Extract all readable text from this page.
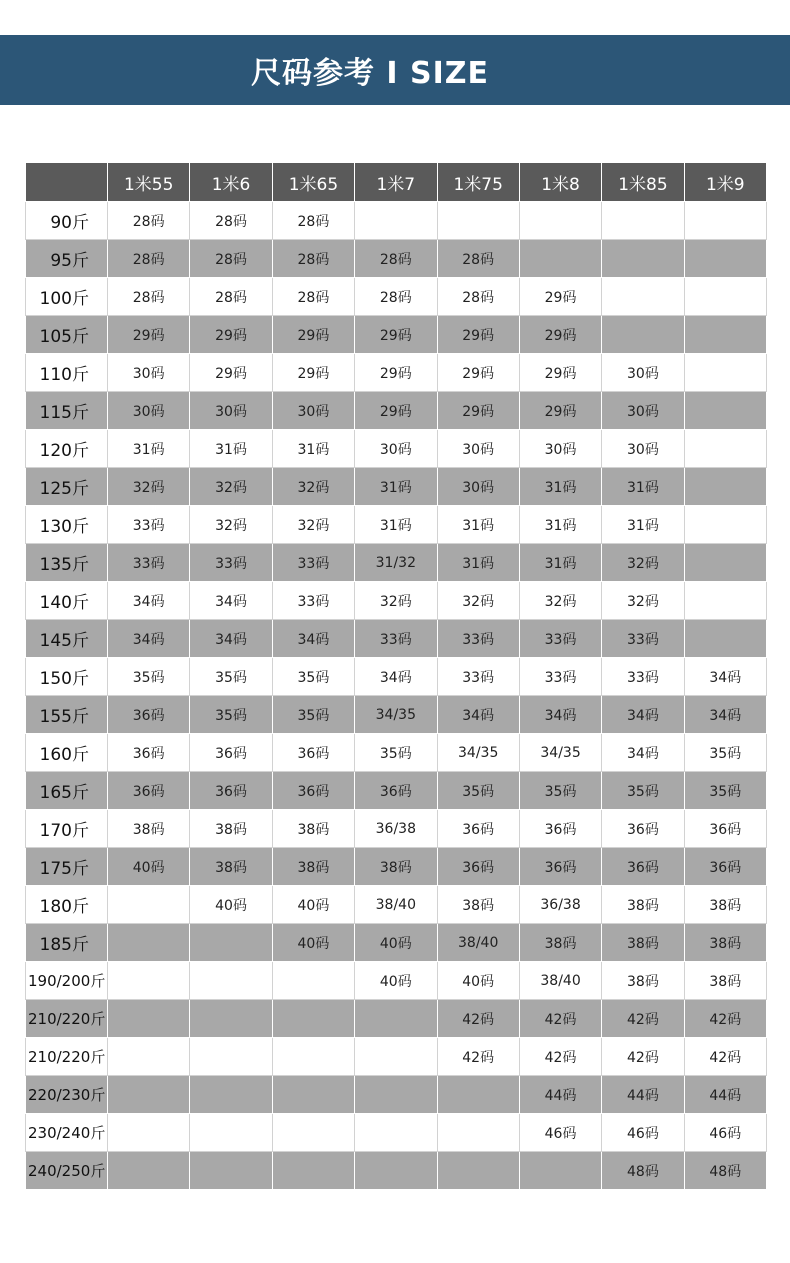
尺码参考 I SIZE
	1米55	1米6	1米65	1米7	1米75	1米8	1米85	1米9
90斤	28码	28码	28码					
95斤	28码	28码	28码	28码	28码			
100斤	28码	28码	28码	28码	28码	29码		
105斤	29码	29码	29码	29码	29码	29码		
110斤	30码	29码	29码	29码	29码	29码	30码	
115斤	30码	30码	30码	29码	29码	29码	30码	
120斤	31码	31码	31码	30码	30码	30码	30码	
125斤	32码	32码	32码	31码	30码	31码	31码	
130斤	33码	32码	32码	31码	31码	31码	31码	
135斤	33码	33码	33码	31/32	31码	31码	32码	
140斤	34码	34码	33码	32码	32码	32码	32码	
145斤	34码	34码	34码	33码	33码	33码	33码	
150斤	35码	35码	35码	34码	33码	33码	33码	34码
155斤	36码	35码	35码	34/35	34码	34码	34码	34码
160斤	36码	36码	36码	35码	34/35	34/35	34码	35码
165斤	36码	36码	36码	36码	35码	35码	35码	35码
170斤	38码	38码	38码	36/38	36码	36码	36码	36码
175斤	40码	38码	38码	38码	36码	36码	36码	36码
180斤		40码	40码	38/40	38码	36/38	38码	38码
185斤			40码	40码	38/40	38码	38码	38码
190/200斤				40码	40码	38/40	38码	38码
210/220斤					42码	42码	42码	42码
210/220斤					42码	42码	42码	42码
220/230斤						44码	44码	44码
230/240斤						46码	46码	46码
240/250斤							48码	48码
